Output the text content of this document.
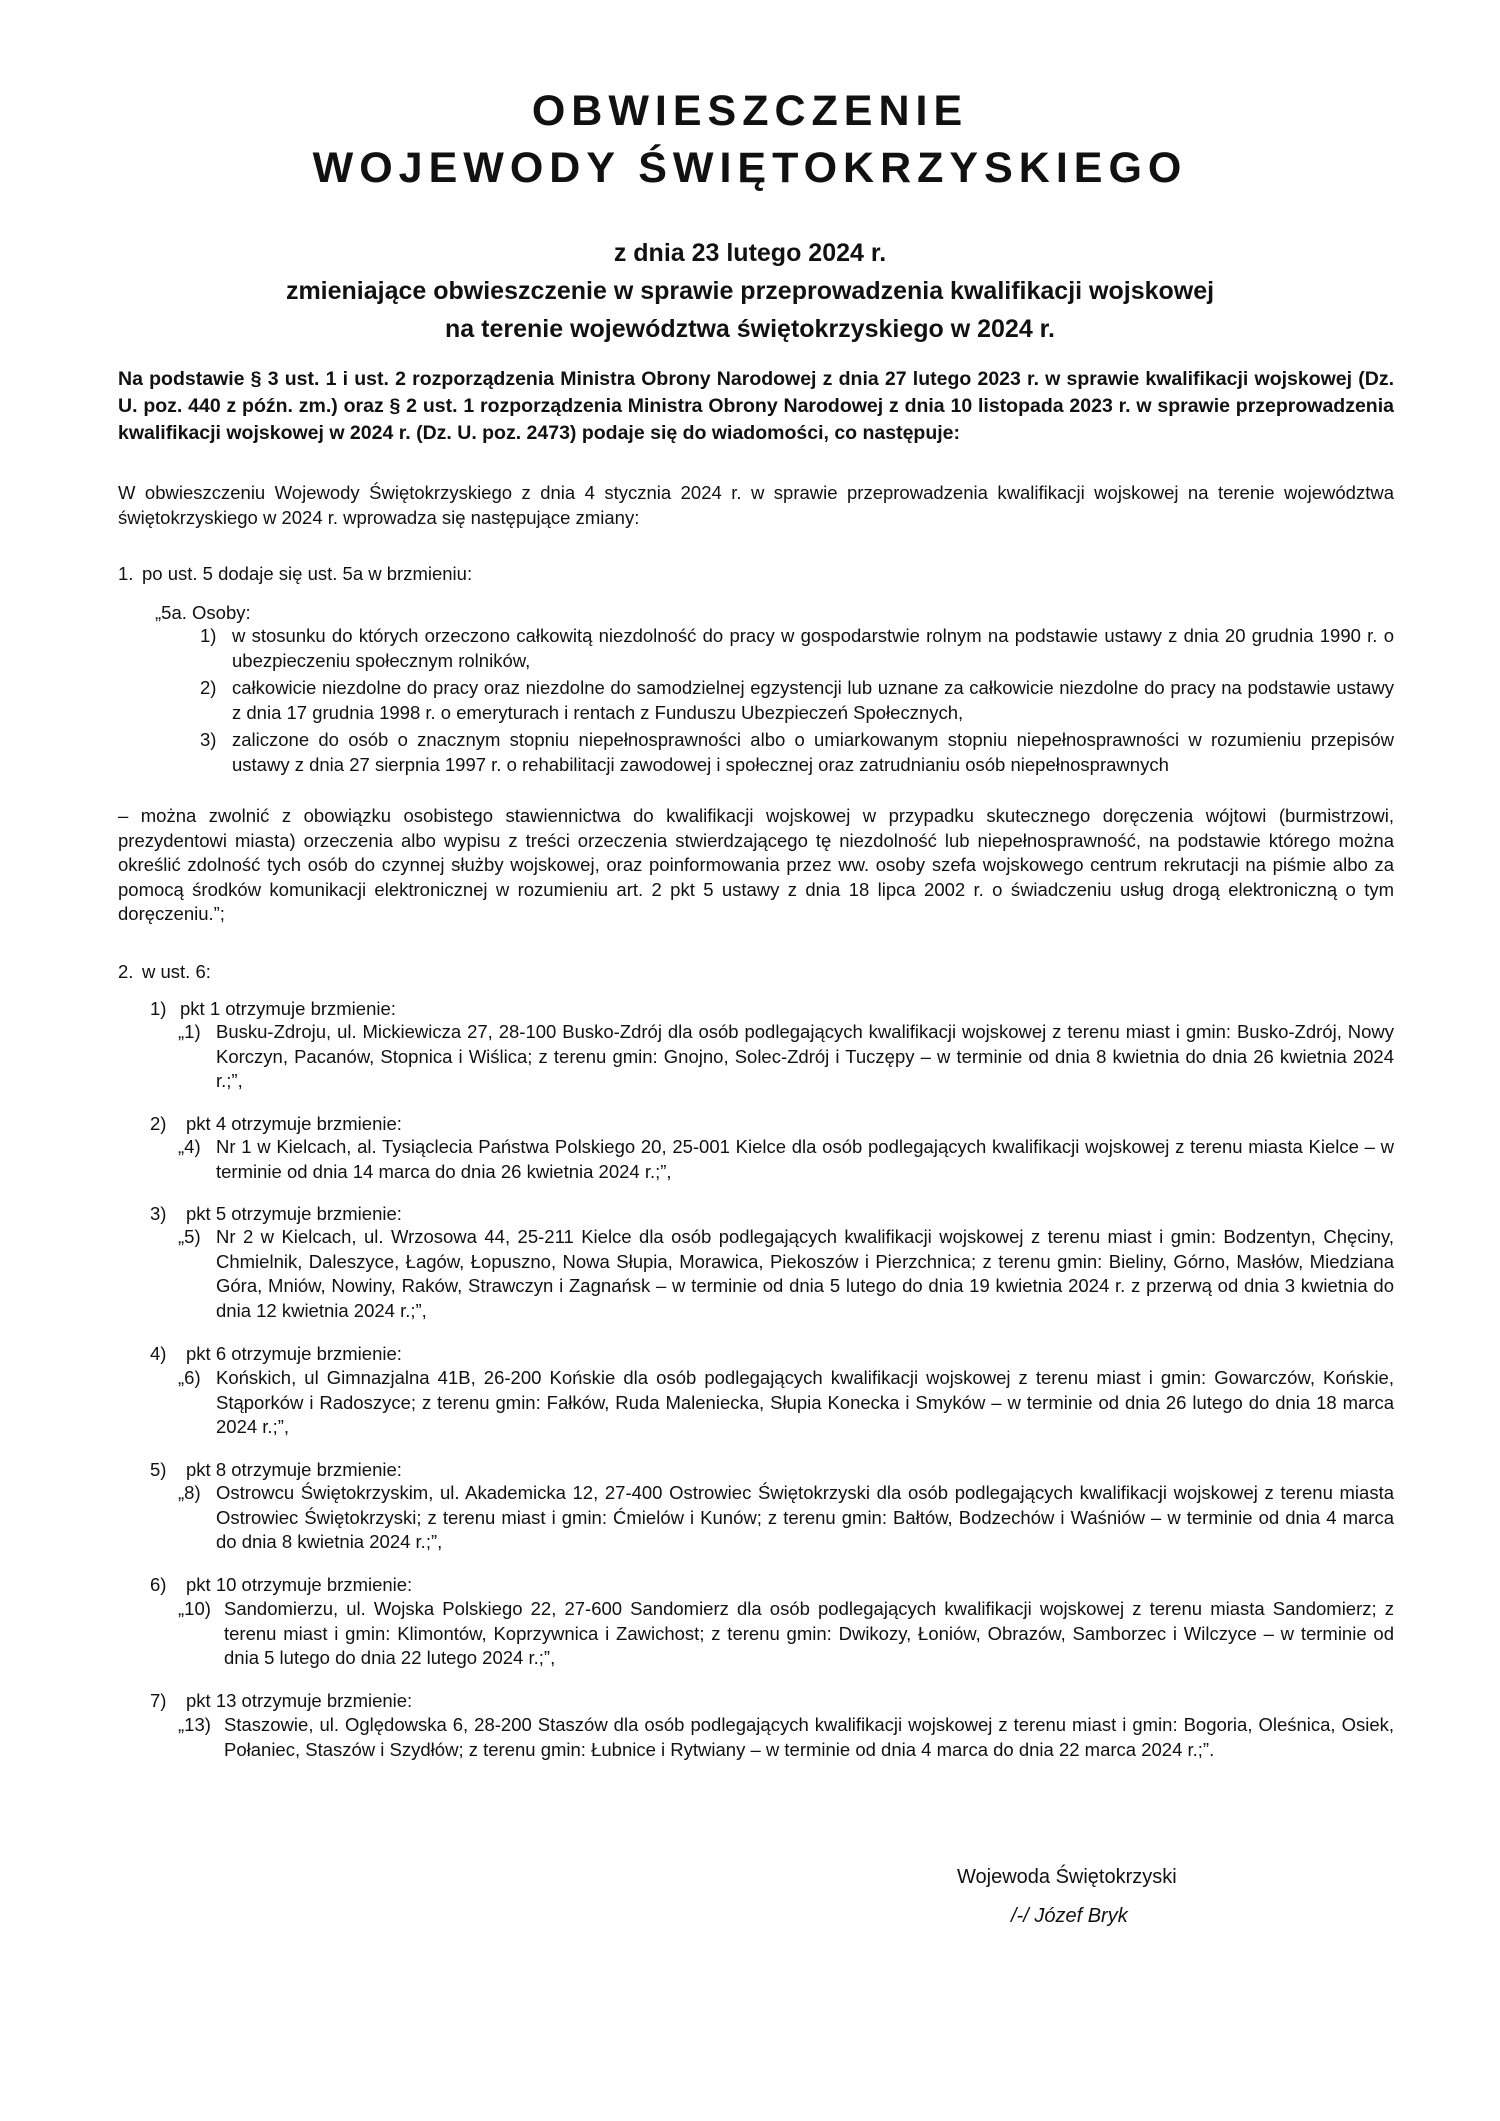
OBWIESZCZENIE
WOJEWODY ŚWIĘTOKRZYSKIEGO
z dnia 23 lutego 2024 r.
zmieniające obwieszczenie w sprawie przeprowadzenia kwalifikacji wojskowej
na terenie województwa świętokrzyskiego w 2024 r.
Na podstawie § 3 ust. 1 i ust. 2 rozporządzenia Ministra Obrony Narodowej z dnia 27 lutego 2023 r. w sprawie kwalifikacji wojskowej (Dz. U. poz. 440 z późn. zm.) oraz § 2 ust. 1 rozporządzenia Ministra Obrony Narodowej z dnia 10 listopada 2023 r. w sprawie przeprowadzenia kwalifikacji wojskowej w 2024 r. (Dz. U. poz. 2473) podaje się do wiadomości, co następuje:
W obwieszczeniu Wojewody Świętokrzyskiego z dnia 4 stycznia 2024 r. w sprawie przeprowadzenia kwalifikacji wojskowej na terenie województwa świętokrzyskiego w 2024 r. wprowadza się następujące zmiany:
1. po ust. 5 dodaje się ust. 5a w brzmieniu:
„5a. Osoby:
1) w stosunku do których orzeczono całkowitą niezdolność do pracy w gospodarstwie rolnym na podstawie ustawy z dnia 20 grudnia 1990 r. o ubezpieczeniu społecznym rolników,
2) całkowicie niezdolne do pracy oraz niezdolne do samodzielnej egzystencji lub uznane za całkowicie niezdolne do pracy na podstawie ustawy z dnia 17 grudnia 1998 r. o emeryturach i rentach z Funduszu Ubezpieczeń Społecznych,
3) zaliczone do osób o znacznym stopniu niepełnosprawności albo o umiarkowanym stopniu niepełnosprawności w rozumieniu przepisów ustawy z dnia 27 sierpnia 1997 r. o rehabilitacji zawodowej i społecznej oraz zatrudnianiu osób niepełnosprawnych
– można zwolnić z obowiązku osobistego stawiennictwa do kwalifikacji wojskowej w przypadku skutecznego doręczenia wójtowi (burmistrzowi, prezydentowi miasta) orzeczenia albo wypisu z treści orzeczenia stwierdzającego tę niezdolność lub niepełnosprawność, na podstawie którego można określić zdolność tych osób do czynnej służby wojskowej, oraz poinformowania przez ww. osoby szefa wojskowego centrum rekrutacji na piśmie albo za pomocą środków komunikacji elektronicznej w rozumieniu art. 2 pkt 5 ustawy z dnia 18 lipca 2002 r. o świadczeniu usług drogą elektroniczną o tym doręczeniu.”;
2. w ust. 6:
1) pkt 1 otrzymuje brzmienie:
„1) Busku-Zdroju, ul. Mickiewicza 27, 28-100 Busko-Zdrój dla osób podlegających kwalifikacji wojskowej z terenu miast i gmin: Busko-Zdrój, Nowy Korczyn, Pacanów, Stopnica i Wiślica; z terenu gmin: Gnojno, Solec-Zdrój i Tuczępy – w terminie od dnia 8 kwietnia do dnia 26 kwietnia 2024 r.;”,
2) pkt 4 otrzymuje brzmienie:
„4) Nr 1 w Kielcach, al. Tysiąclecia Państwa Polskiego 20, 25-001 Kielce dla osób podlegających kwalifikacji wojskowej z terenu miasta Kielce – w terminie od dnia 14 marca do dnia 26 kwietnia 2024 r.;”,
3) pkt 5 otrzymuje brzmienie:
„5) Nr 2 w Kielcach, ul. Wrzosowa 44, 25-211 Kielce dla osób podlegających kwalifikacji wojskowej z terenu miast i gmin: Bodzentyn, Chęciny, Chmielnik, Daleszyce, Łagów, Łopuszno, Nowa Słupia, Morawica, Piekoszów i Pierzchnica; z terenu gmin: Bieliny, Górno, Masłów, Miedziana Góra, Mniów, Nowiny, Raków, Strawczyn i Zagnańsk – w terminie od dnia 5 lutego do dnia 19 kwietnia 2024 r. z przerwą od dnia 3 kwietnia do dnia 12 kwietnia 2024 r.;”,
4) pkt 6 otrzymuje brzmienie:
„6) Końskich, ul Gimnazjalna 41B, 26-200 Końskie dla osób podlegających kwalifikacji wojskowej z terenu miast i gmin: Gowarczów, Końskie, Stąporków i Radoszyce; z terenu gmin: Fałków, Ruda Maleniecka, Słupia Konecka i Smyków – w terminie od dnia 26 lutego do dnia 18 marca 2024 r.;”,
5) pkt 8 otrzymuje brzmienie:
„8) Ostrowcu Świętokrzyskim, ul. Akademicka 12, 27-400 Ostrowiec Świętokrzyski dla osób podlegających kwalifikacji wojskowej z terenu miasta Ostrowiec Świętokrzyski; z terenu miast i gmin: Ćmielów i Kunów; z terenu gmin: Bałtów, Bodzechów i Waśniów – w terminie od dnia 4 marca do dnia 8 kwietnia 2024 r.;”,
6) pkt 10 otrzymuje brzmienie:
„10) Sandomierzu, ul. Wojska Polskiego 22, 27-600 Sandomierz dla osób podlegających kwalifikacji wojskowej z terenu miasta Sandomierz; z terenu miast i gmin: Klimontów, Koprzywnica i Zawichost; z terenu gmin: Dwikozy, Łoniów, Obrazów, Samborzec i Wilczyce – w terminie od dnia 5 lutego do dnia 22 lutego 2024 r.;”,
7) pkt 13 otrzymuje brzmienie:
„13) Staszowie, ul. Oględowska 6, 28-200 Staszów dla osób podlegających kwalifikacji wojskowej z terenu miast i gmin: Bogoria, Oleśnica, Osiek, Połaniec, Staszów i Szydłów; z terenu gmin: Łubnice i Rytwiany – w terminie od dnia 4 marca do dnia 22 marca 2024 r.;”.
Wojewoda Świętokrzyski
/-/ Józef Bryk
